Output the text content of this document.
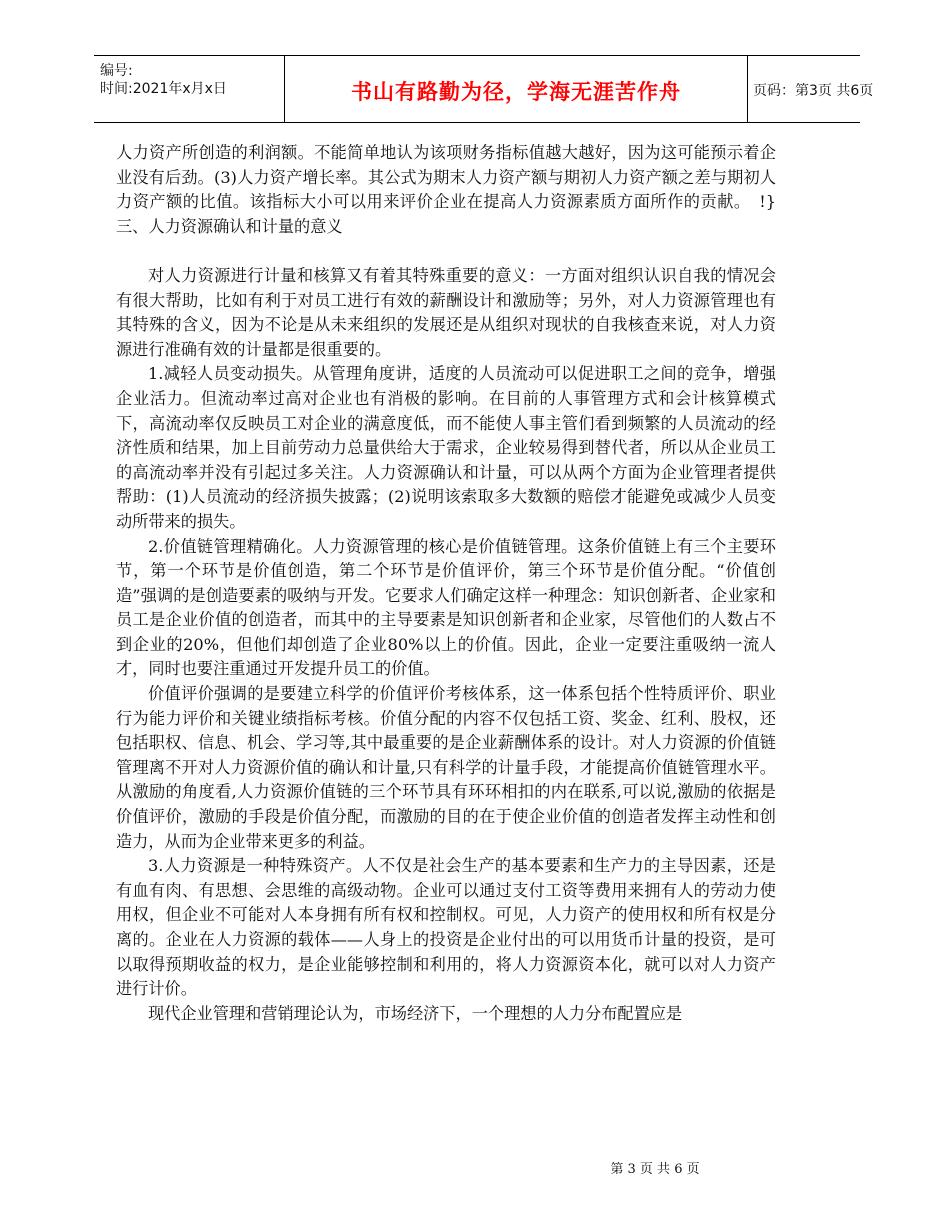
编号:
时间:2021年x月x日	书山有路勤为径，学海无涯苦作舟	页码：第3页 共6页

人力资产所创造的利润额。不能简单地认为该项财务指标值越大越好，因为这可能预示着企业没有后劲。(3)人力资产增长率。其公式为期末人力资产额与期初人力资产额之差与期初人力资产额的比值。该指标大小可以用来评价企业在提高人力资源素质方面所作的贡献。　!}三、人力资源确认和计量的意义

对人力资源进行计量和核算又有着其特殊重要的意义：一方面对组织认识自我的情况会有很大帮助，比如有利于对员工进行有效的薪酬设计和激励等；另外，对人力资源管理也有其特殊的含义，因为不论是从未来组织的发展还是从组织对现状的自我核查来说，对人力资源进行准确有效的计量都是很重要的。

1.减轻人员变动损失。从管理角度讲，适度的人员流动可以促进职工之间的竞争，增强企业活力。但流动率过高对企业也有消极的影响。在目前的人事管理方式和会计核算模式下，高流动率仅反映员工对企业的满意度低，而不能使人事主管们看到频繁的人员流动的经济性质和结果，加上目前劳动力总量供给大于需求，企业较易得到替代者，所以从企业员工的高流动率并没有引起过多关注。人力资源确认和计量，可以从两个方面为企业管理者提供帮助：(1)人员流动的经济损失披露；(2)说明该索取多大数额的赔偿才能避免或减少人员变动所带来的损失。

2.价值链管理精确化。人力资源管理的核心是价值链管理。这条价值链上有三个主要环节，第一个环节是价值创造，第二个环节是价值评价，第三个环节是价值分配。“价值创造”强调的是创造要素的吸纳与开发。它要求人们确定这样一种理念：知识创新者、企业家和员工是企业价值的创造者，而其中的主导要素是知识创新者和企业家，尽管他们的人数占不到企业的20%，但他们却创造了企业80%以上的价值。因此，企业一定要注重吸纳一流人才，同时也要注重通过开发提升员工的价值。

价值评价强调的是要建立科学的价值评价考核体系，这一体系包括个性特质评价、职业行为能力评价和关键业绩指标考核。价值分配的内容不仅包括工资、奖金、红利、股权，还包括职权、信息、机会、学习等,其中最重要的是企业薪酬体系的设计。对人力资源的价值链管理离不开对人力资源价值的确认和计量,只有科学的计量手段，才能提高价值链管理水平。从激励的角度看,人力资源价值链的三个环节具有环环相扣的内在联系,可以说,激励的依据是价值评价，激励的手段是价值分配，而激励的目的在于使企业价值的创造者发挥主动性和创造力，从而为企业带来更多的利益。

3.人力资源是一种特殊资产。人不仅是社会生产的基本要素和生产力的主导因素，还是有血有肉、有思想、会思维的高级动物。企业可以通过支付工资等费用来拥有人的劳动力使用权，但企业不可能对人本身拥有所有权和控制权。可见，人力资产的使用权和所有权是分离的。企业在人力资源的载体——人身上的投资是企业付出的可以用货币计量的投资，是可以取得预期收益的权力，是企业能够控制和利用的，将人力资源资本化，就可以对人力资产进行计价。

现代企业管理和营销理论认为，市场经济下，一个理想的人力分布配置应是

第 3 页 共 6 页
